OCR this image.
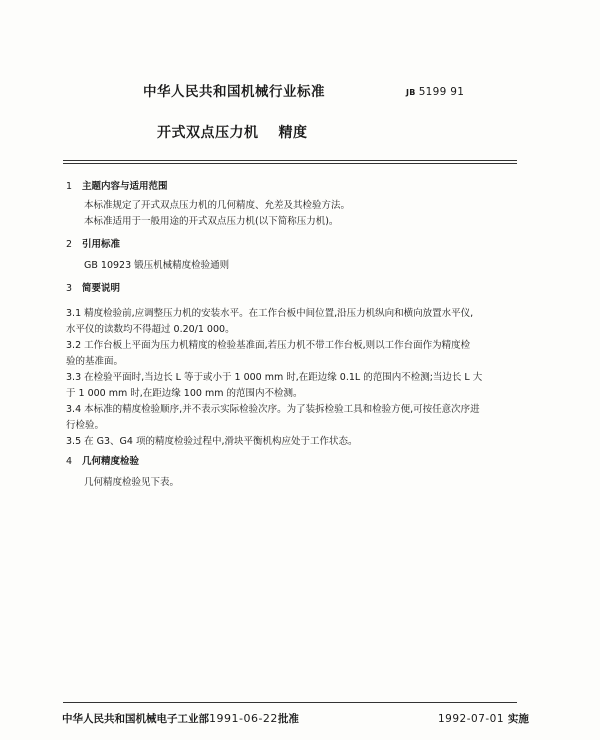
中华人民共和国机械行业标准	JB 5199 91
开式双点压力机 精度
1 主题内容与适用范围
本标准规定了开式双点压力机的几何精度、允差及其检验方法。
本标准适用于一般用途的开式双点压力机(以下简称压力机)。
2 引用标准
GB 10923 锻压机械精度检验通则
3 简要说明
3.1 精度检验前,应调整压力机的安装水平。在工作台板中间位置,沿压力机纵向和横向放置水平仪,
水平仪的读数均不得超过 0.20/1 000。
3.2 工作台板上平面为压力机精度的检验基准面,若压力机不带工作台板,则以工作台面作为精度检
验的基准面。
3.3 在检验平面时,当边长 L 等于或小于 1 000 mm 时,在距边缘 0.1L 的范围内不检测;当边长 L 大
于 1 000 mm 时,在距边缘 100 mm 的范围内不检测。
3.4 本标准的精度检验顺序,并不表示实际检验次序。为了装拆检验工具和检验方便,可按任意次序进
行检验。
3.5 在 G3、G4 项的精度检验过程中,滑块平衡机构应处于工作状态。
4 几何精度检验
几何精度检验见下表。
中华人民共和国机械电子工业部1991-06-22批准	1992-07-01 实施
